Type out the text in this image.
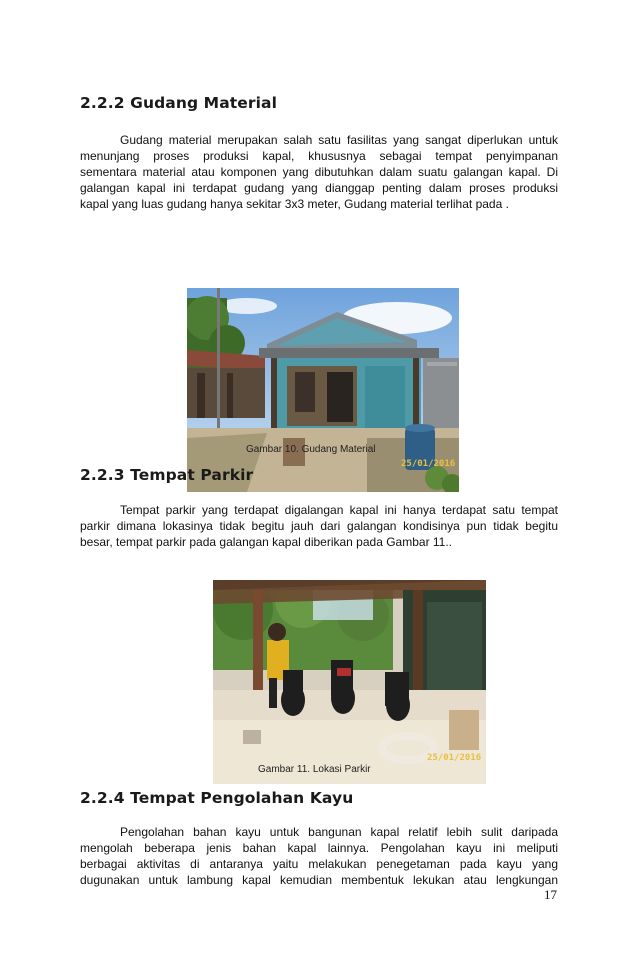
2.2.2 Gudang Material
Gudang material merupakan salah satu fasilitas yang sangat diperlukan untuk
menunjang proses produksi kapal, khususnya sebagai tempat penyimpanan
sementara material atau komponen yang dibutuhkan dalam suatu galangan kapal. Di
galangan kapal ini terdapat gudang yang dianggap penting dalam proses produksi
kapal yang luas gudang hanya sekitar 3x3 meter, Gudang material terlihat pada .
Gambar 10. Gudang Material
25/01/2016
2.2.3 Tempat Parkir
Tempat parkir yang terdapat digalangan kapal ini hanya terdapat satu tempat
parkir dimana lokasinya tidak begitu jauh dari galangan kondisinya pun tidak begitu
besar, tempat parkir pada galangan kapal diberikan pada Gambar 11..
Gambar 11. Lokasi Parkir
25/01/2016
2.2.4 Tempat Pengolahan Kayu
Pengolahan bahan kayu untuk bangunan kapal relatif lebih sulit daripada
mengolah beberapa jenis bahan kapal lainnya. Pengolahan kayu ini meliputi
berbagai aktivitas di antaranya yaitu melakukan penegetaman pada kayu yang
dugunakan untuk lambung kapal kemudian membentuk lekukan atau lengkungan
17
